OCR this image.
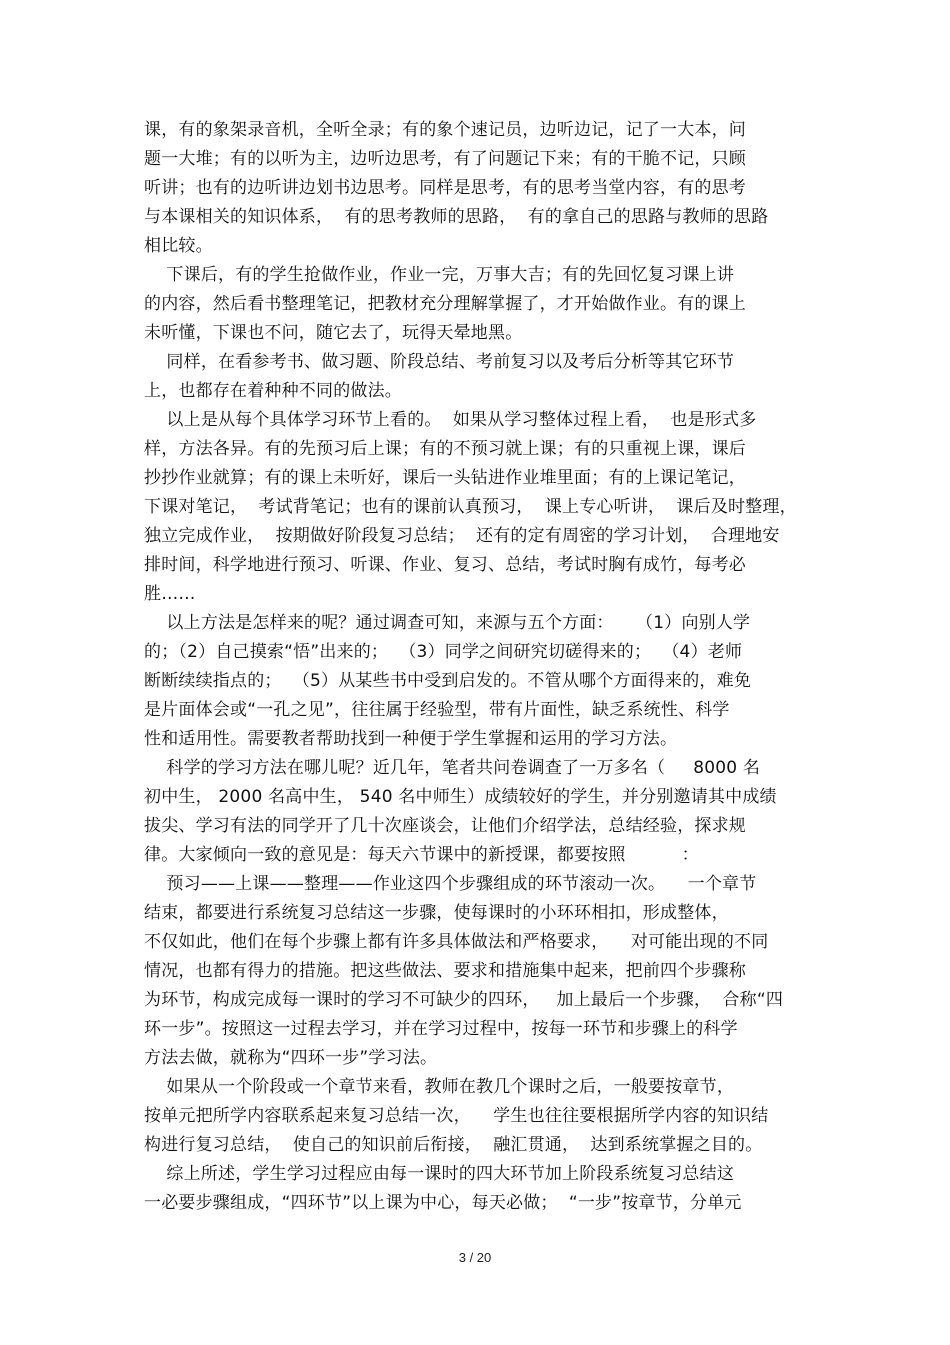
课，有的象架录音机，全听全录；有的象个速记员，边听边记，记了一大本，问
题一大堆；有的以听为主，边听边思考，有了问题记下来；有的干脆不记，只顾
听讲；也有的边听讲边划书边思考。同样是思考，有的思考当堂内容，有的思考
与本课相关的知识体系，  有的思考教师的思路，  有的拿自己的思路与教师的思路
相比较。
下课后，有的学生抢做作业，作业一完，万事大吉；有的先回忆复习课上讲
的内容，然后看书整理笔记，把教材充分理解掌握了，才开始做作业。有的课上
未听懂，下课也不问，随它去了，玩得天晕地黑。
同样，在看参考书、做习题、阶段总结、考前复习以及考后分析等其它环节
上，也都存在着种种不同的做法。
以上是从每个具体学习环节上看的。  如果从学习整体过程上看，  也是形式多
样，方法各异。有的先预习后上课；有的不预习就上课；有的只重视上课，课后
抄抄作业就算；有的课上未听好，课后一头钻进作业堆里面；有的上课记笔记，
下课对笔记，  考试背笔记；也有的课前认真预习，  课上专心听讲，  课后及时整理，
独立完成作业，  按期做好阶段复习总结；  还有的定有周密的学习计划，  合理地安
排时间，科学地进行预习、听课、作业、复习、总结，考试时胸有成竹，每考必
胜……
以上方法是怎样来的呢？通过调查可知，来源与五个方面：    （1）向别人学
的；（2）自己摸索“悟”出来的；  （3）同学之间研究切磋得来的；  （4）老师
断断续续指点的；  （5）从某些书中受到启发的。不管从哪个方面得来的，难免
是片面体会或“一孔之见”，往往属于经验型，带有片面性，缺乏系统性、科学
性和适用性。需要教者帮助找到一种便于学生掌握和运用的学习方法。
科学的学习方法在哪儿呢？近几年，笔者共问卷调查了一万多名（     8000 名
初中生， 2000 名高中生， 540 名中师生）成绩较好的学生，并分别邀请其中成绩
拔尖、学习有法的同学开了几十次座谈会，让他们介绍学法，总结经验，探求规
律。大家倾向一致的意见是：每天六节课中的新授课，都要按照          ：
预习——上课——整理——作业这四个步骤组成的环节滚动一次。    一个章节
结束，都要进行系统复习总结这一步骤，使每课时的小环环相扣，形成整体，
不仅如此，他们在每个步骤上都有许多具体做法和严格要求，    对可能出现的不同
情况，也都有得力的措施。把这些做法、要求和措施集中起来，把前四个步骤称
为环节，构成完成每一课时的学习不可缺少的四环，   加上最后一个步骤，  合称“四
环一步”。按照这一过程去学习，并在学习过程中，按每一环节和步骤上的科学
方法去做，就称为“四环一步”学习法。
如果从一个阶段或一个章节来看，教师在教几个课时之后，一般要按章节，
按单元把所学内容联系起来复习总结一次，    学生也往往要根据所学内容的知识结
构进行复习总结，  使自己的知识前后衔接，  融汇贯通，  达到系统掌握之目的。
综上所述，学生学习过程应由每一课时的四大环节加上阶段系统复习总结这
一必要步骤组成，“四环节”以上课为中心，每天必做；  “一步”按章节，分单元
3 / 20
